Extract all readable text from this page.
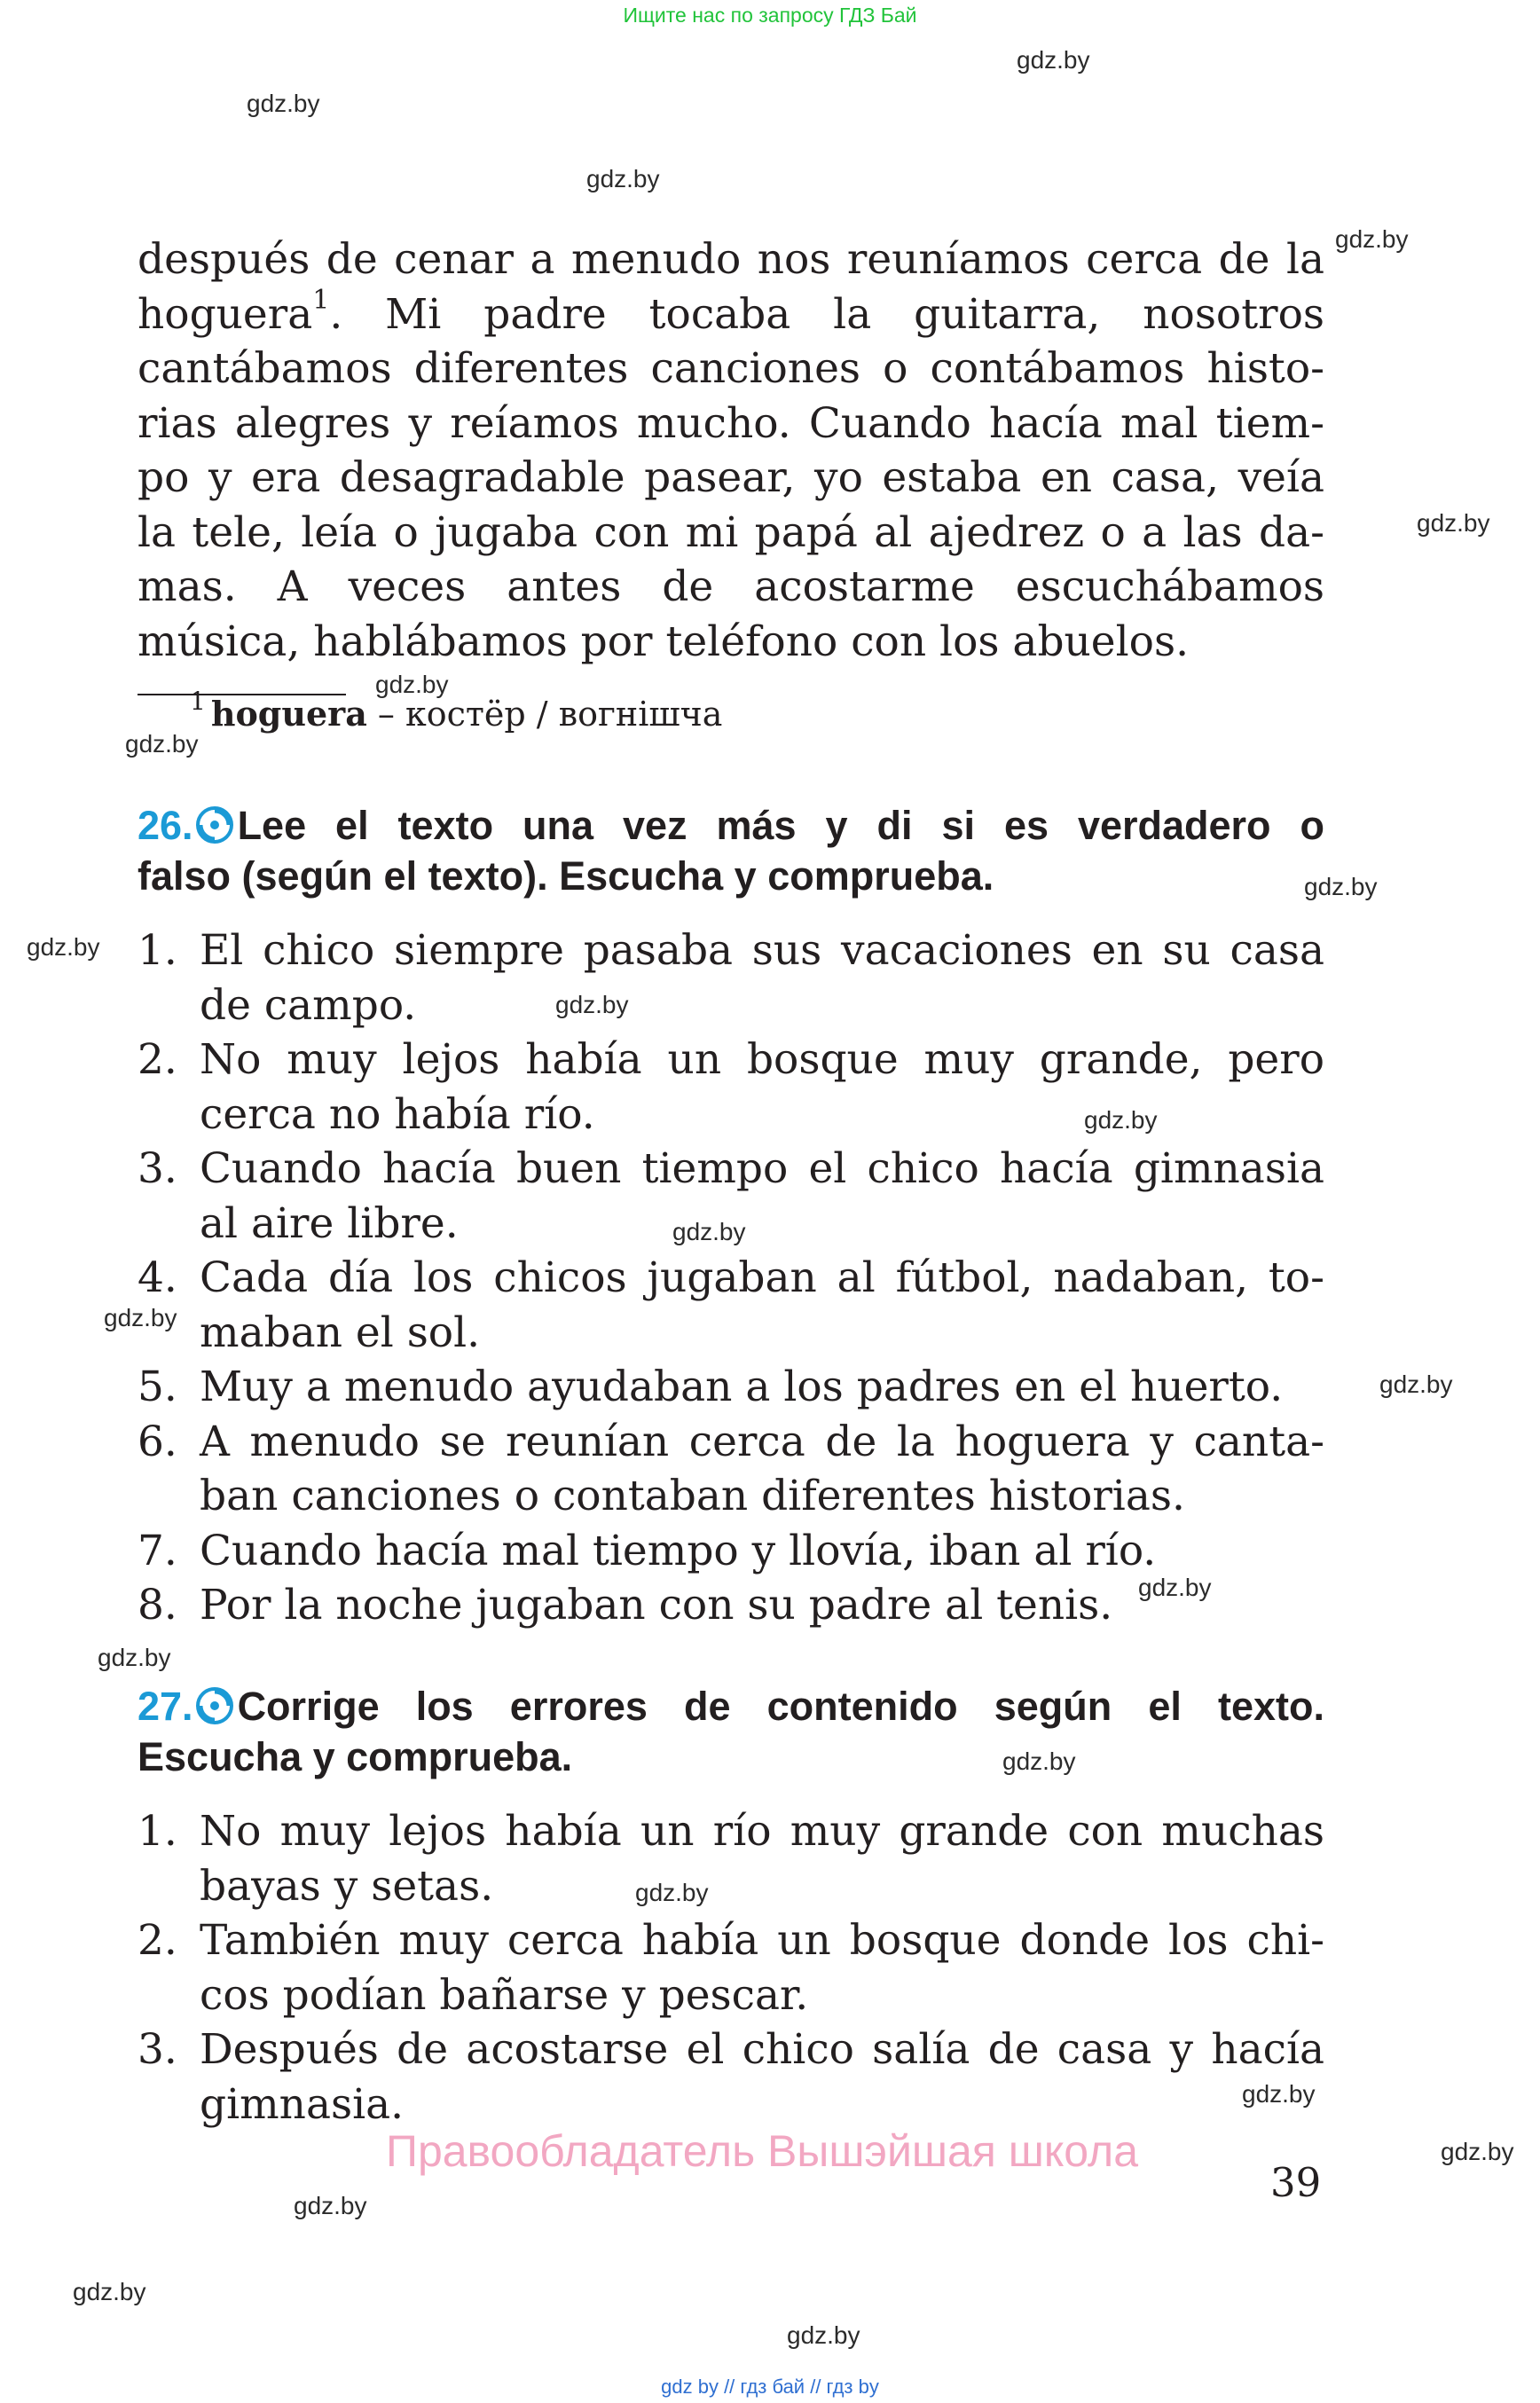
Ищите нас по запросу ГДЗ Бай
gdz.by
gdz.by
gdz.by
gdz.by
gdz.by
gdz.by
gdz.by
gdz.by
gdz.by
gdz.by
gdz.by
gdz.by
gdz.by
gdz.by
gdz.by
gdz.by
gdz.by
gdz.by
gdz.by
gdz.by
gdz.by
gdz.by
gdz.by
después de cenar a menudo nos reuníamos cerca de la
hoguera$^1$. Mi padre tocaba la guitarra, nosotros
cantábamos diferentes canciones o contábamos histo-
rias alegres y reíamos mucho. Cuando hacía mal tiem-
po y era desagradable pasear, yo estaba en casa, veía
la tele, leía o jugaba con mi papá al ajedrez o a las da-
mas. A veces antes de acostarme escuchábamos
música, hablábamos por teléfono con los abuelos.
$^1$ hoguera – костёр / вогнішча
26. Lee el texto una vez más y di si es verdadero o
falso (según el texto). Escucha y comprueba.
1. El chico siempre pasaba sus vacaciones en su casa
de campo.
2. No muy lejos había un bosque muy grande, pero
cerca no había río.
3. Cuando hacía buen tiempo el chico hacía gimnasia
al aire libre.
4. Cada día los chicos jugaban al fútbol, nadaban, to-
maban el sol.
5. Muy a menudo ayudaban a los padres en el huerto.
6. A menudo se reunían cerca de la hoguera y canta-
ban canciones o contaban diferentes historias.
7. Cuando hacía mal tiempo y llovía, iban al río.
8. Por la noche jugaban con su padre al tenis.
27. Corrige los errores de contenido según el texto.
Escucha y comprueba.
1. No muy lejos había un río muy grande con muchas
bayas y setas.
2. También muy cerca había un bosque donde los chi-
cos podían bañarse y pescar.
3. Después de acostarse el chico salía de casa y hacía
gimnasia.
Правообладатель Вышэйшая школа
39
gdz by // гдз бай // гдз by
